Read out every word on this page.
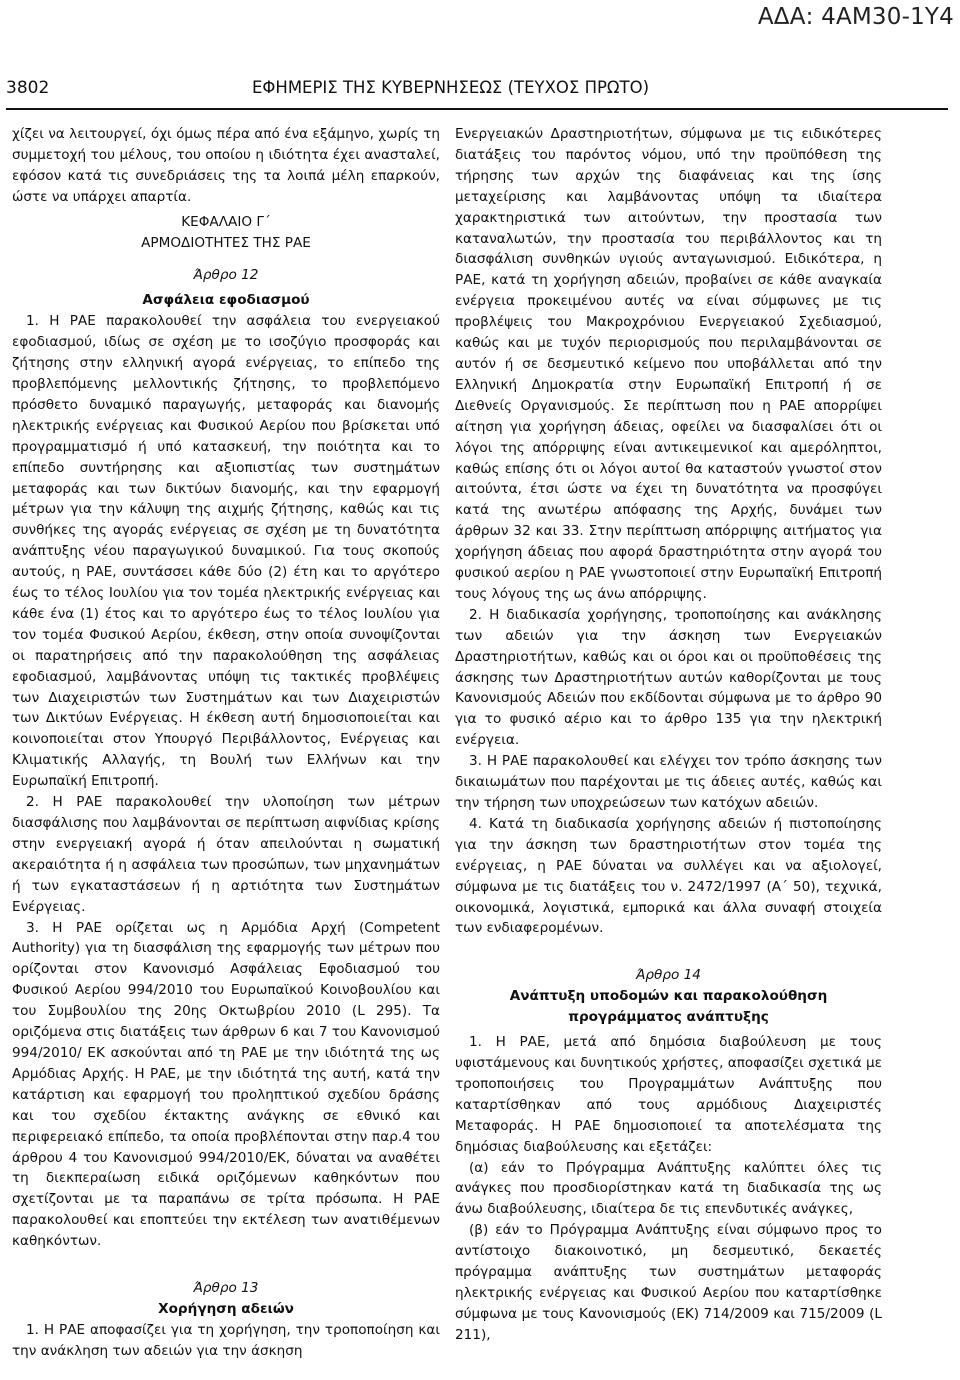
ΑΔΑ: 4ΑΜ30-1Υ4
3802	ΕΦΗΜΕΡΙΣ ΤΗΣ ΚΥΒΕΡΝΗΣΕΩΣ (ΤΕΥΧΟΣ ΠΡΩΤΟ)

χίζει να λειτουργεί, όχι όμως πέρα από ένα εξάμηνο, χωρίς τη συμμετοχή του μέλους, του οποίου η ιδιότητα έχει ανασταλεί, εφόσον κατά τις συνεδριάσεις της τα λοιπά μέλη επαρκούν, ώστε να υπάρχει απαρτία.

ΚΕΦΑΛΑΙΟ Γ΄

ΑΡΜΟΔΙΟΤΗΤΕΣ ΤΗΣ ΡΑΕ

Άρθρο 12

Ασφάλεια εφοδιασμού

1. Η ΡΑΕ παρακολουθεί την ασφάλεια του ενεργειακού εφοδιασμού, ιδίως σε σχέση με το ισοζύγιο προσφοράς και ζήτησης στην ελληνική αγορά ενέργειας, το επίπεδο της προβλεπόμενης μελλοντικής ζήτησης, το προβλεπόμενο πρόσθετο δυναμικό παραγωγής, μεταφοράς και διανομής ηλεκτρικής ενέργειας και Φυσικού Αερίου που βρίσκεται υπό προγραμματισμό ή υπό κατασκευή, την ποιότητα και το επίπεδο συντήρησης και αξιοπιστίας των συστημάτων μεταφοράς και των δικτύων διανομής, και την εφαρμογή μέτρων για την κάλυψη της αιχμής ζήτησης, καθώς και τις συνθήκες της αγοράς ενέργειας σε σχέση με τη δυνατότητα ανάπτυξης νέου παραγωγικού δυναμικού. Για τους σκοπούς αυτούς, η ΡΑΕ, συντάσσει κάθε δύο (2) έτη και το αργότερο έως το τέλος Ιουλίου για τον τομέα ηλεκτρικής ενέργειας και κάθε ένα (1) έτος και το αργότερο έως το τέλος Ιουλίου για τον τομέα Φυσικού Αερίου, έκθεση, στην οποία συνοψίζονται οι παρατηρήσεις από την παρακολούθηση της ασφάλειας εφοδιασμού, λαμβάνοντας υπόψη τις τακτικές προβλέψεις των Διαχειριστών των Συστημάτων και των Διαχειριστών των Δικτύων Ενέργειας. Η έκθεση αυτή δημοσιοποιείται και κοινοποιείται στον Υπουργό Περιβάλλοντος, Ενέργειας και Κλιματικής Αλλαγής, τη Βουλή των Ελλήνων και την Ευρωπαϊκή Επιτροπή.

2. Η ΡΑΕ παρακολουθεί την υλοποίηση των μέτρων διασφάλισης που λαμβάνονται σε περίπτωση αιφνίδιας κρίσης στην ενεργειακή αγορά ή όταν απειλούνται η σωματική ακεραιότητα ή η ασφάλεια των προσώπων, των μηχανημάτων ή των εγκαταστάσεων ή η αρτιότητα των Συστημάτων Ενέργειας.

3. Η ΡΑΕ ορίζεται ως η Αρμόδια Αρχή (Competent Authority) για τη διασφάλιση της εφαρμογής των μέτρων που ορίζονται στον Κανονισμό Ασφάλειας Εφοδιασμού του Φυσικού Αερίου 994/2010 του Ευρωπαϊκού Κοινοβουλίου και του Συμβουλίου της 20ης Οκτωβρίου 2010 (L 295). Τα οριζόμενα στις διατάξεις των άρθρων 6 και 7 του Κανονισμού 994/2010/ ΕΚ ασκούνται από τη ΡΑΕ με την ιδιότητά της ως Αρμόδιας Αρχής. Η ΡΑΕ, με την ιδιότητά της αυτή, κατά την κατάρτιση και εφαρμογή του προληπτικού σχεδίου δράσης και του σχεδίου έκτακτης ανάγκης σε εθνικό και περιφερειακό επίπεδο, τα οποία προβλέπονται στην παρ.4 του άρθρου 4 του Κανονισμού 994/2010/ΕΚ, δύναται να αναθέτει τη διεκπεραίωση ειδικά οριζόμενων καθηκόντων που σχετίζονται με τα παραπάνω σε τρίτα πρόσωπα. Η ΡΑΕ παρακολουθεί και εποπτεύει την εκτέλεση των ανατιθέμενων καθηκόντων.

Άρθρο 13

Χορήγηση αδειών

1. Η ΡΑΕ αποφασίζει για τη χορήγηση, την τροποποίηση και την ανάκληση των αδειών για την άσκηση

Ενεργειακών Δραστηριοτήτων, σύμφωνα με τις ειδικότερες διατάξεις του παρόντος νόμου, υπό την προϋπόθεση της τήρησης των αρχών της διαφάνειας και της ίσης μεταχείρισης και λαμβάνοντας υπόψη τα ιδιαίτερα χαρακτηριστικά των αιτούντων, την προστασία των καταναλωτών, την προστασία του περιβάλλοντος και τη διασφάλιση συνθηκών υγιούς ανταγωνισμού. Ειδικότερα, η ΡΑΕ, κατά τη χορήγηση αδειών, προβαίνει σε κάθε αναγκαία ενέργεια προκειμένου αυτές να είναι σύμφωνες με τις προβλέψεις του Μακροχρόνιου Ενεργειακού Σχεδιασμού, καθώς και με τυχόν περιορισμούς που περιλαμβάνονται σε αυτόν ή σε δεσμευτικό κείμενο που υποβάλλεται από την Ελληνική Δημοκρατία στην Ευρωπαϊκή Επιτροπή ή σε Διεθνείς Οργανισμούς. Σε περίπτωση που η ΡΑΕ απορρίψει αίτηση για χορήγηση άδειας, οφείλει να διασφαλίσει ότι οι λόγοι της απόρριψης είναι αντικειμενικοί και αμερόληπτοι, καθώς επίσης ότι οι λόγοι αυτοί θα καταστούν γνωστοί στον αιτούντα, έτσι ώστε να έχει τη δυνατότητα να προσφύγει κατά της ανωτέρω απόφασης της Αρχής, δυνάμει των άρθρων 32 και 33. Στην περίπτωση απόρριψης αιτήματος για χορήγηση άδειας που αφορά δραστηριότητα στην αγορά του φυσικού αερίου η ΡΑΕ γνωστοποιεί στην Ευρωπαϊκή Επιτροπή τους λόγους της ως άνω απόρριψης.

2. Η διαδικασία χορήγησης, τροποποίησης και ανάκλησης των αδειών για την άσκηση των Ενεργειακών Δραστηριοτήτων, καθώς και οι όροι και οι προϋποθέσεις της άσκησης των Δραστηριοτήτων αυτών καθορίζονται με τους Κανονισμούς Αδειών που εκδίδονται σύμφωνα με το άρθρο 90 για το φυσικό αέριο και το άρθρο 135 για την ηλεκτρική ενέργεια.

3. Η ΡΑΕ παρακολουθεί και ελέγχει τον τρόπο άσκησης των δικαιωμάτων που παρέχονται με τις άδειες αυτές, καθώς και την τήρηση των υποχρεώσεων των κατόχων αδειών.

4. Κατά τη διαδικασία χορήγησης αδειών ή πιστοποίησης για την άσκηση των δραστηριοτήτων στον τομέα της ενέργειας, η ΡΑΕ δύναται να συλλέγει και να αξιολογεί, σύμφωνα με τις διατάξεις του ν. 2472/1997 (Α΄ 50), τεχνικά, οικονομικά, λογιστικά, εμπορικά και άλλα συναφή στοιχεία των ενδιαφερομένων.

Άρθρο 14

Ανάπτυξη υποδομών και παρακολούθηση προγράμματος ανάπτυξης

1. Η ΡΑΕ, μετά από δημόσια διαβούλευση με τους υφιστάμενους και δυνητικούς χρήστες, αποφασίζει σχετικά με τροποποιήσεις του Προγραμμάτων Ανάπτυξης που καταρτίσθηκαν από τους αρμόδιους Διαχειριστές Μεταφοράς. Η ΡΑΕ δημοσιοποιεί τα αποτελέσματα της δημόσιας διαβούλευσης και εξετάζει:

(α) εάν το Πρόγραμμα Ανάπτυξης καλύπτει όλες τις ανάγκες που προσδιορίστηκαν κατά τη διαδικασία της ως άνω διαβούλευσης, ιδιαίτερα δε τις επενδυτικές ανάγκες,

(β) εάν το Πρόγραμμα Ανάπτυξης είναι σύμφωνο προς το αντίστοιχο διακοινοτικό, μη δεσμευτικό, δεκαετές πρόγραμμα ανάπτυξης των συστημάτων μεταφοράς ηλεκτρικής ενέργειας και Φυσικού Αερίου που καταρτίσθηκε σύμφωνα με τους Κανονισμούς (ΕΚ) 714/2009 και 715/2009 (L 211),
